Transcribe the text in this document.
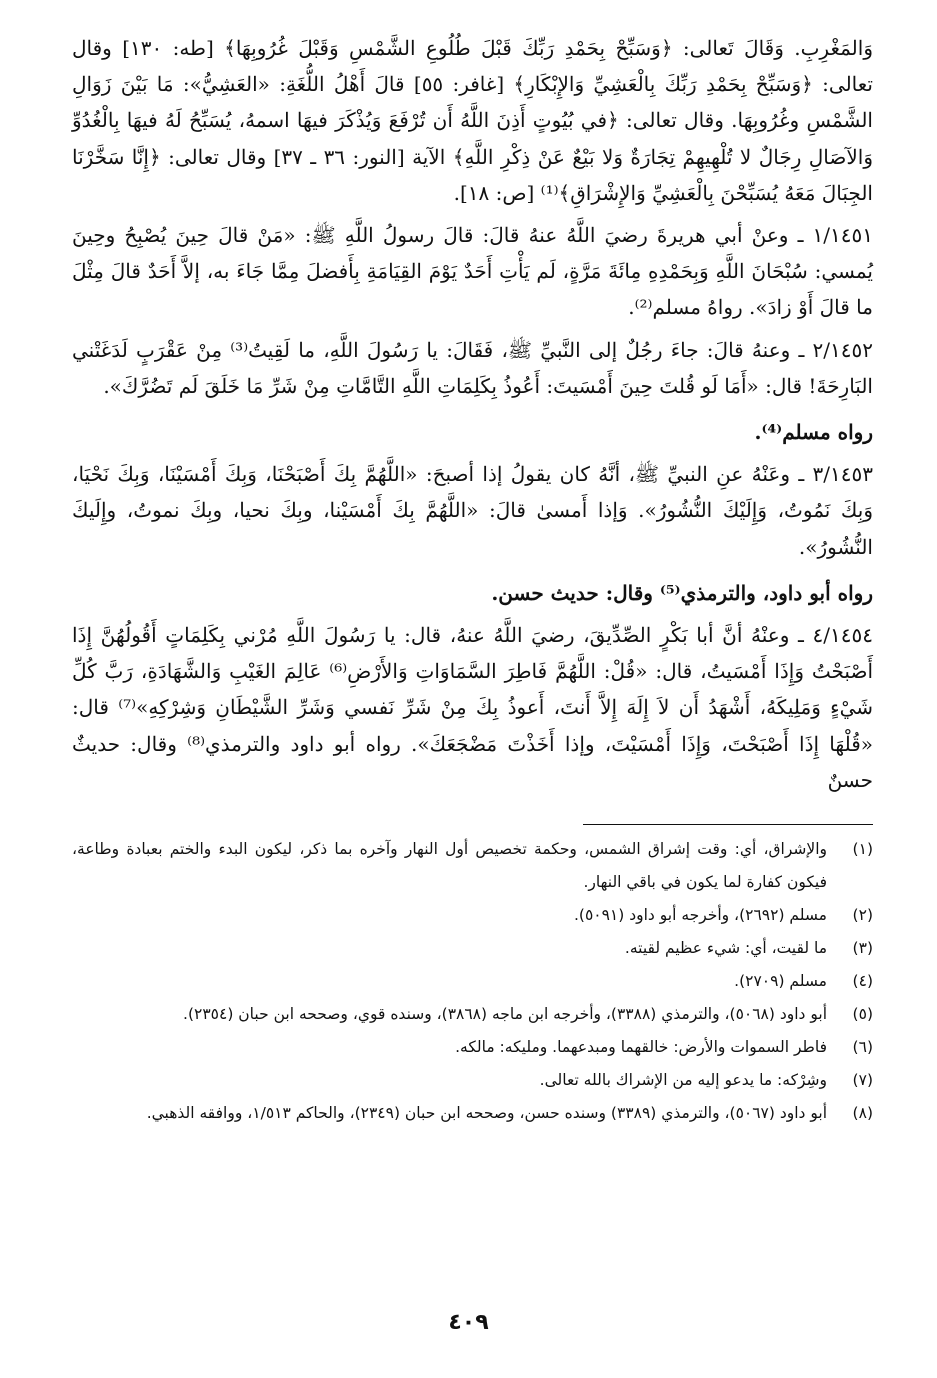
وَالمَغْرِبِ. وَقَالَ تَعالى: ﴿وَسَبِّحْ بِحَمْدِ رَبِّكَ قَبْلَ طُلُوعِ الشَّمْسِ وَقَبْلَ غُرُوبِهَا﴾ [طه: ١٣٠] وقال تعالى: ﴿وَسَبِّحْ بِحَمْدِ رَبِّكَ بِالْعَشِيِّ وَالإِبْكَارِ﴾ [غافر: ٥٥] قالَ أَهْلُ اللُّغَةِ: «العَشِيُّ»: مَا بَيْنَ زَوَالِ الشَّمْسِ وغُرُوبِهَا. وقال تعالى: ﴿في بُيُوتٍ أَذِنَ اللَّهُ أَن تُرْفَعَ وَيُذْكَرَ فيهَا اسمهُ، يُسَبِّحُ لَهُ فيهَا بِالْغُدُوِّ وَالآصَالِ رِجَالٌ لا تُلْهِيهِمْ تِجَارَةٌ وَلا بَيْعٌ عَنْ ذِكْرِ اللَّهِ﴾ الآية [النور: ٣٦ ـ ٣٧] وقال تعالى: ﴿إِنَّا سَخَّرْنَا الجِبَالَ مَعَهُ يُسَبِّحْنَ بِالْعَشِيِّ وَالإِشْرَاقِ﴾⁽¹⁾ [ص: ١٨].

١/١٤٥١ ـ وعنْ أبي هريرةَ رضيَ اللَّهُ عنهُ قالَ: قالَ رسولُ اللَّهِ ﷺ: «مَنْ قالَ حِينَ يُصْبِحُ وحِينَ يُمسي: سُبْحَانَ اللَّهِ وَبِحَمْدِهِ مِائَةَ مَرَّةٍ، لَم يَأْتِ أَحَدٌ يَوْمَ القِيَامَةِ بِأَفضلَ مِمَّا جَاءَ به، إلاَّ أَحَدٌ قالَ مِثْلَ ما قالَ أَوْ زادَ». رواهُ مسلم⁽²⁾.

٢/١٤٥٢ ـ وعنهُ قالَ: جاءَ رجُلٌ إلى النَّبيِّ ﷺ، فَقَالَ: يا رَسُولَ اللَّهِ، ما لَقِيتُ⁽³⁾ مِنْ عَقْرَبٍ لَدَغَتْني البَارِحَةَ! قال: «أَمَا لَو قُلتَ حِينَ أَمْسَيتَ: أَعُوذُ بِكَلِمَاتِ اللَّهِ التَّامَّاتِ مِنْ شَرِّ مَا خَلَقَ لَم تَضُرَّكَ».

رواه مسلم⁽⁴⁾.

٣/١٤٥٣ ـ وعَنْهُ عنِ النبيِّ ﷺ، أنَّهُ كان يقولُ إذا أصبحَ: «اللَّهُمَّ بِكَ أَصْبَحْنَا، وَبِكَ أَمْسَيْنَا، وَبِكَ نَحْيَا، وَبِكَ نَمُوتُ، وَإِلَيْكَ النُّشُورُ». وَإذا أَمسىٰ قالَ: «اللَّهُمَّ بِكَ أَمْسَيْنا، وبِكَ نحيا، وبِكَ نموتُ، وإِلَيكَ النُّشُورُ».

رواه أبو داود، والترمذي⁽⁵⁾ وقال: حديث حسن.

٤/١٤٥٤ ـ وعنْهُ أنَّ أبا بَكْرٍ الصِّدِّيقَ، رضيَ اللَّهُ عنهُ، قال: يا رَسُولَ اللَّهِ مُرْني بِكَلِمَاتٍ أَقُولُهُنَّ إِذَا أَصْبَحْتُ وَإِذَا أَمْسَيتُ، قال: «قُلْ: اللَّهُمَّ فَاطِرَ السَّمَاوَاتِ وَالأَرْضِ⁽⁶⁾ عَالِمَ الغَيْبِ وَالشَّهَادَةِ، رَبَّ كُلِّ شَيْءٍ وَمَلِيكَهُ، أَشْهَدُ أَن لاَ إِلَهَ إِلاَّ أَنتَ، أَعوذُ بِكَ مِنْ شَرِّ نَفسي وَشَرِّ الشَّيْطَانِ وَشِرْكِهِ»⁽⁷⁾ قال: «قُلْهَا إِذَا أَصْبَحْتَ، وَإِذَا أَمْسَيْتَ، وإذا أَخَذْتَ مَضْجَعَكَ». رواه أبو داود والترمذي⁽⁸⁾ وقال: حديثٌ حسنٌ

(١)
والإشراق، أي: وقت إشراق الشمس، وحكمة تخصيص أول النهار وآخره بما ذكر، ليكون البدء والختم بعبادة وطاعة، فيكون كفارة لما يكون في باقي النهار.
(٢)
مسلم (٢٦٩٢)، وأخرجه أبو داود (٥٠٩١).
(٣)
ما لقيت، أي: شيء عظيم لقيته.
(٤)
مسلم (٢٧٠٩).
(٥)
أبو داود (٥٠٦٨)، والترمذي (٣٣٨٨)، وأخرجه ابن ماجه (٣٨٦٨)، وسنده قوي، وصححه ابن حبان (٢٣٥٤).
(٦)
فاطر السموات والأرض: خالقهما ومبدعهما. ومليكه: مالكه.
(٧)
وشِرْكه: ما يدعو إليه من الإشراك بالله تعالى.
(٨)
أبو داود (٥٠٦٧)، والترمذي (٣٣٨٩) وسنده حسن، وصححه ابن حبان (٢٣٤٩)، والحاكم ١/٥١٣، ووافقه الذهبي.
٤٠٩
